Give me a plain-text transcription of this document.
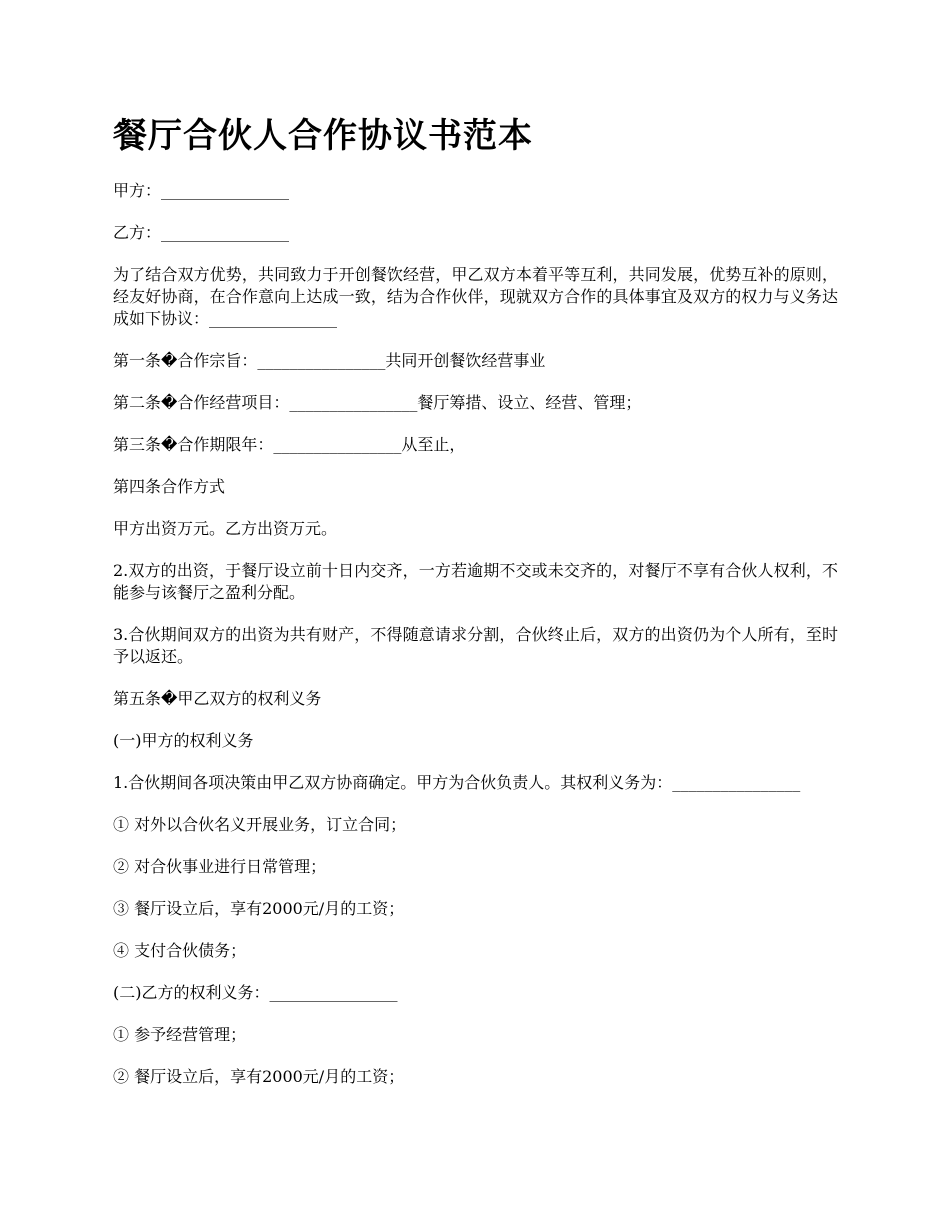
餐厅合伙人合作协议书范本

甲方：________________

乙方：________________

为了结合双方优势，共同致力于开创餐饮经营，甲乙双方本着平等互利，共同发展，优势互补的原则，经友好协商，在合作意向上达成一致，结为合作伙伴，现就双方合作的具体事宜及双方的权力与义务达成如下协议：________________

第一条�合作宗旨：________________共同开创餐饮经营事业

第二条�合作经营项目：________________餐厅筹措、设立、经营、管理；

第三条�合作期限年：________________从至止，

第四条合作方式

甲方出资万元。乙方出资万元。

2.双方的出资，于餐厅设立前十日内交齐，一方若逾期不交或未交齐的，对餐厅不享有合伙人权利，不能参与该餐厅之盈利分配。

3.合伙期间双方的出资为共有财产，不得随意请求分割，合伙终止后，双方的出资仍为个人所有，至时予以返还。

第五条�甲乙双方的权利义务

(一)甲方的权利义务

1.合伙期间各项决策由甲乙双方协商确定。甲方为合伙负责人。其权利义务为：________________

① 对外以合伙名义开展业务，订立合同；

② 对合伙事业进行日常管理；

③ 餐厅设立后，享有2000元/月的工资；

④ 支付合伙债务；

(二)乙方的权利义务：________________

① 参予经营管理；

② 餐厅设立后，享有2000元/月的工资；
